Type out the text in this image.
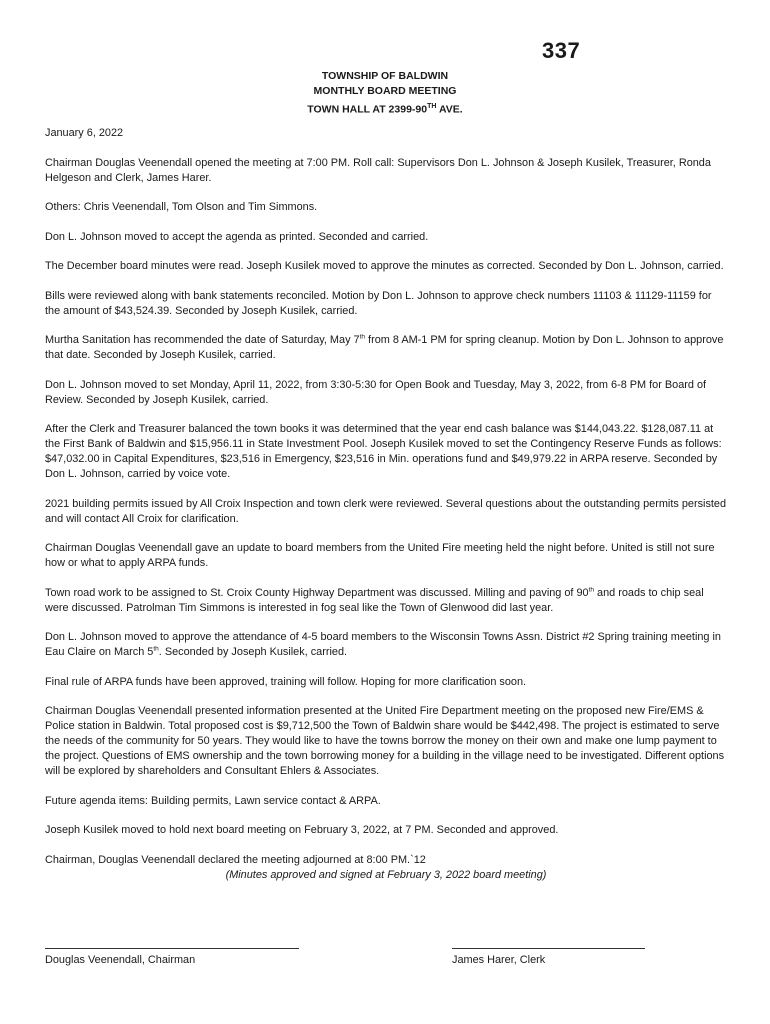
337
TOWNSHIP OF BALDWIN
MONTHLY BOARD MEETING
TOWN HALL AT 2399-90TH AVE.

January 6, 2022

Chairman Douglas Veenendall opened the meeting at 7:00 PM. Roll call: Supervisors Don L. Johnson & Joseph Kusilek, Treasurer, Ronda Helgeson and Clerk, James Harer.

Others: Chris Veenendall, Tom Olson and Tim Simmons.

Don L. Johnson moved to accept the agenda as printed. Seconded and carried.

The December board minutes were read. Joseph Kusilek moved to approve the minutes as corrected. Seconded by Don L. Johnson, carried.

Bills were reviewed along with bank statements reconciled. Motion by Don L. Johnson to approve check numbers 11103 & 11129-11159 for the amount of $43,524.39. Seconded by Joseph Kusilek, carried.

Murtha Sanitation has recommended the date of Saturday, May 7th from 8 AM-1 PM for spring cleanup. Motion by Don L. Johnson to approve that date. Seconded by Joseph Kusilek, carried.

Don L. Johnson moved to set Monday, April 11, 2022, from 3:30-5:30 for Open Book and Tuesday, May 3, 2022, from 6-8 PM for Board of Review. Seconded by Joseph Kusilek, carried.

After the Clerk and Treasurer balanced the town books it was determined that the year end cash balance was $144,043.22. $128,087.11 at the First Bank of Baldwin and $15,956.11 in State Investment Pool. Joseph Kusilek moved to set the Contingency Reserve Funds as follows: $47,032.00 in Capital Expenditures, $23,516 in Emergency, $23,516 in Min. operations fund and $49,979.22 in ARPA reserve. Seconded by Don L. Johnson, carried by voice vote.

2021 building permits issued by All Croix Inspection and town clerk were reviewed. Several questions about the outstanding permits persisted and will contact All Croix for clarification.

Chairman Douglas Veenendall gave an update to board members from the United Fire meeting held the night before. United is still not sure how or what to apply ARPA funds.

Town road work to be assigned to St. Croix County Highway Department was discussed. Milling and paving of 90th and roads to chip seal were discussed. Patrolman Tim Simmons is interested in fog seal like the Town of Glenwood did last year.

Don L. Johnson moved to approve the attendance of 4-5 board members to the Wisconsin Towns Assn. District #2 Spring training meeting in Eau Claire on March 5th. Seconded by Joseph Kusilek, carried.

Final rule of ARPA funds have been approved, training will follow. Hoping for more clarification soon.

Chairman Douglas Veenendall presented information presented at the United Fire Department meeting on the proposed new Fire/EMS & Police station in Baldwin. Total proposed cost is $9,712,500 the Town of Baldwin share would be $442,498. The project is estimated to serve the needs of the community for 50 years. They would like to have the towns borrow the money on their own and make one lump payment to the project. Questions of EMS ownership and the town borrowing money for a building in the village need to be investigated. Different options will be explored by shareholders and Consultant Ehlers & Associates.

Future agenda items: Building permits, Lawn service contact & ARPA.

Joseph Kusilek moved to hold next board meeting on February 3, 2022, at 7 PM. Seconded and approved.

Chairman, Douglas Veenendall declared the meeting adjourned at 8:00 PM.`12

(Minutes approved and signed at February 3, 2022 board meeting)

Douglas Veenendall, Chairman	James Harer, Clerk
